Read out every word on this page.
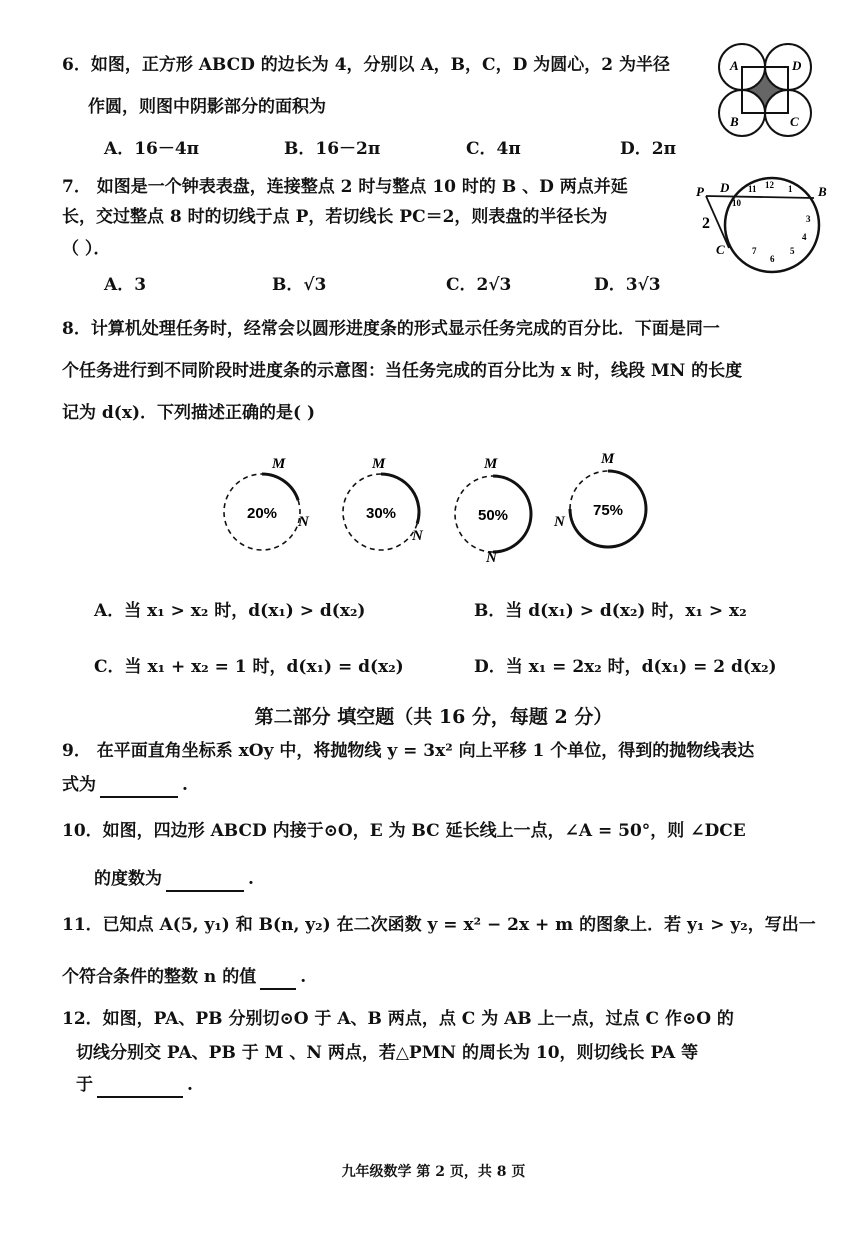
6．如图，正方形 ABCD 的边长为 4，分别以 A，B，C，D 为圆心，2 为半径
作圆，则图中阴影部分的面积为
A．16－4π	B．16－2π	C．4π	D．2π
A	D
B	C
7． 如图是一个钟表表盘，连接整点 2 时与整点 10 时的 B 、D 两点并延
长，交过整点 8 时的切线于点 P，若切线长 PC＝2，则表盘的半径长为
（ ）．
A．3	B．√3	C．2√3	D．3√3
P D	B
C
2
10
11 12 1
3
4
5
6
7
8．计算机处理任务时，经常会以圆形进度条的形式显示任务完成的百分比．下面是同一
个任务进行到不同阶段时进度条的示意图：当任务完成的百分比为 x 时，线段 MN 的长度
记为 d(x)．下列描述正确的是( )
20%
M
N	30%
M
N
50%
M
N
75%
M
N
A．当 x₁ > x₂ 时，d(x₁) > d(x₂)	B．当 d(x₁) > d(x₂) 时，x₁ > x₂
C．当 x₁ + x₂ = 1 时，d(x₁) = d(x₂)	D．当 x₁ = 2x₂ 时，d(x₁) = 2 d(x₂)
第二部分 填空题（共 16 分，每题 2 分）
9． 在平面直角坐标系 xOy 中，将抛物线 y = 3x² 向上平移 1 个单位，得到的抛物线表达
式为	.
10．如图，四边形 ABCD 内接于⊙O，E 为 BC 延长线上一点，∠A = 50°，则 ∠DCE
的度数为	.
11．已知点 A(5, y₁) 和 B(n, y₂) 在二次函数 y = x² − 2x + m 的图象上．若 y₁ > y₂，写出一
个符合条件的整数 n 的值	.
12．如图，PA、PB 分别切⊙O 于 A、B 两点，点 C 为 AB 上一点，过点 C 作⊙O 的
切线分别交 PA、PB 于 M 、N 两点，若△PMN 的周长为 10，则切线长 PA 等
于	.
九年级数学 第 2 页，共 8 页
